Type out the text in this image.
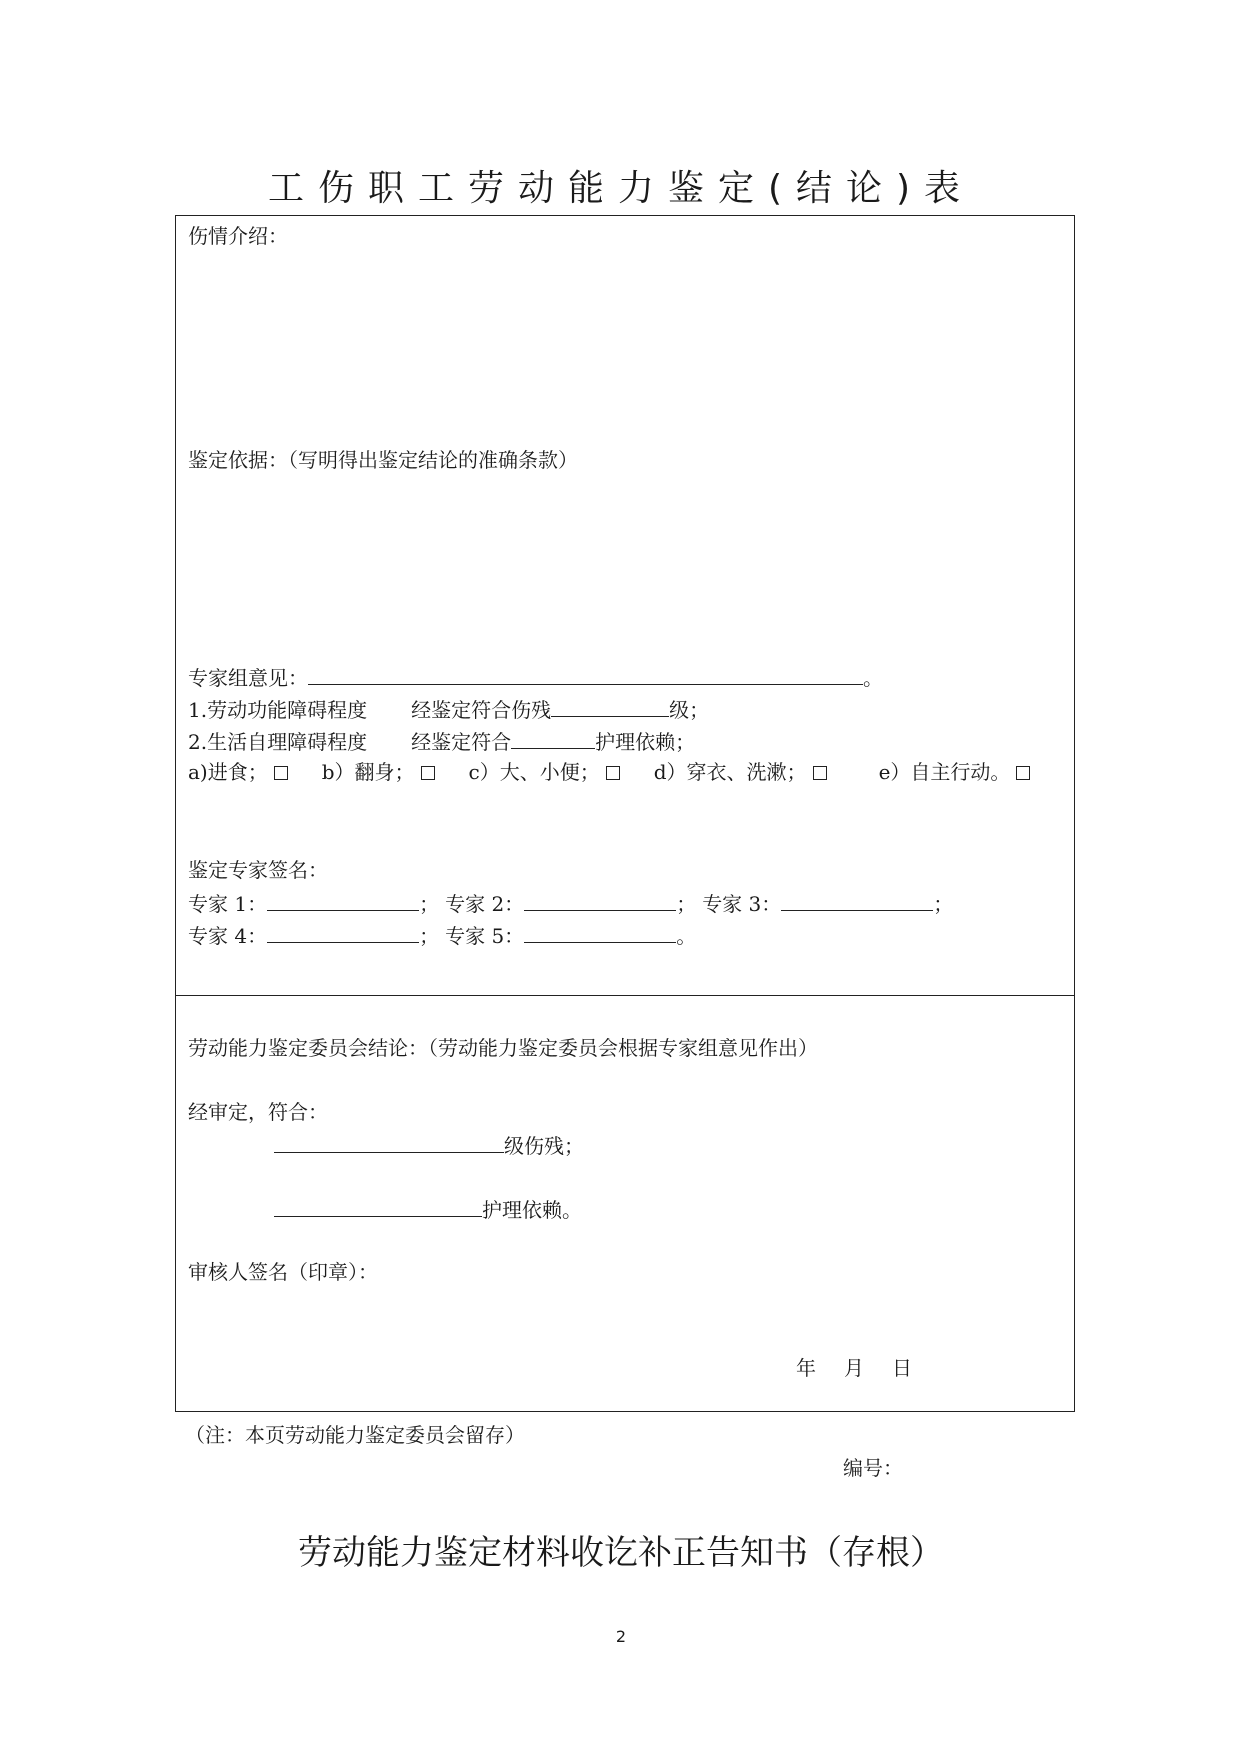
工伤职工劳动能力鉴定(结论)表
伤情介绍：
鉴定依据：（写明得出鉴定结论的准确条款）
专家组意见：	。
1.劳动功能障碍程度 经鉴定符合伤残	级；
2.生活自理障碍程度 经鉴定符合	护理依赖；
a)进食；	b）翻身；	c）大、小便；	d）穿衣、洗漱；	e）自主行动。
鉴定专家签名：
专家 1：	； 专家 2：	； 专家 3：	；
专家 4：	； 专家 5：	。
劳动能力鉴定委员会结论：（劳动能力鉴定委员会根据专家组意见作出）
经审定，符合：
级伤残；
护理依赖。
审核人签名（印章）：
年 月 日
（注：本页劳动能力鉴定委员会留存）
编号：
劳动能力鉴定材料收讫补正告知书（存根）
2
